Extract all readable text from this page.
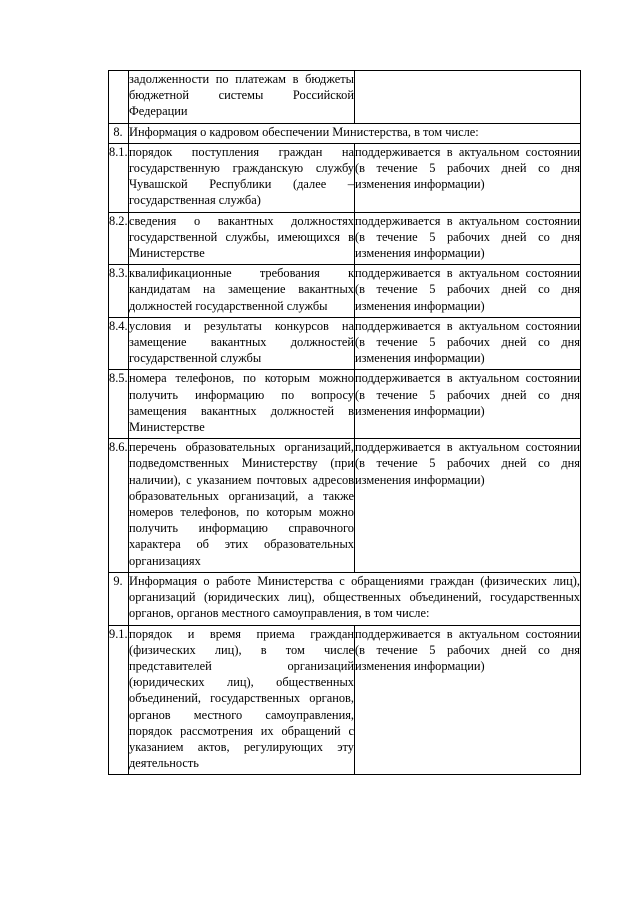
	задолженности по платежам в бюджеты бюджетной системы Российской Федерации	
8.	Информация о кадровом обеспечении Министерства, в том числе:	
8.1.	порядок поступления граждан на государственную гражданскую службу Чувашской Республики (далее – государственная служба)	поддерживается в актуальном состоянии (в течение 5 рабочих дней со дня изменения информации)
8.2.	сведения о вакантных должностях государственной службы, имеющихся в Министерстве	поддерживается в актуальном состоянии (в течение 5 рабочих дней со дня изменения информации)
8.3.	квалификационные требования к кандидатам на замещение вакантных должностей государственной службы	поддерживается в актуальном состоянии (в течение 5 рабочих дней со дня изменения информации)
8.4.	условия и результаты конкурсов на замещение вакантных должностей государственной службы	поддерживается в актуальном состоянии (в течение 5 рабочих дней со дня изменения информации)
8.5.	номера телефонов, по которым можно получить информацию по вопросу замещения вакантных должностей в Министерстве	поддерживается в актуальном состоянии (в течение 5 рабочих дней со дня изменения информации)
8.6.	перечень образовательных организаций, подведомственных Министерству (при наличии), с указанием почтовых адресов образовательных организаций, а также номеров телефонов, по которым можно получить информацию справочного характера об этих образовательных организациях	поддерживается в актуальном состоянии (в течение 5 рабочих дней со дня изменения информации)
9.	Информация о работе Министерства с обращениями граждан (физических лиц), организаций (юридических лиц), общественных объединений, государственных органов, органов местного самоуправления, в том числе:	
9.1.	порядок и время приема граждан (физических лиц), в том числе представителей организаций (юридических лиц), общественных объединений, государственных органов, органов местного самоуправления, порядок рассмотрения их обращений с указанием актов, регулирующих эту деятельность	поддерживается в актуальном состоянии (в течение 5 рабочих дней со дня изменения информации)
